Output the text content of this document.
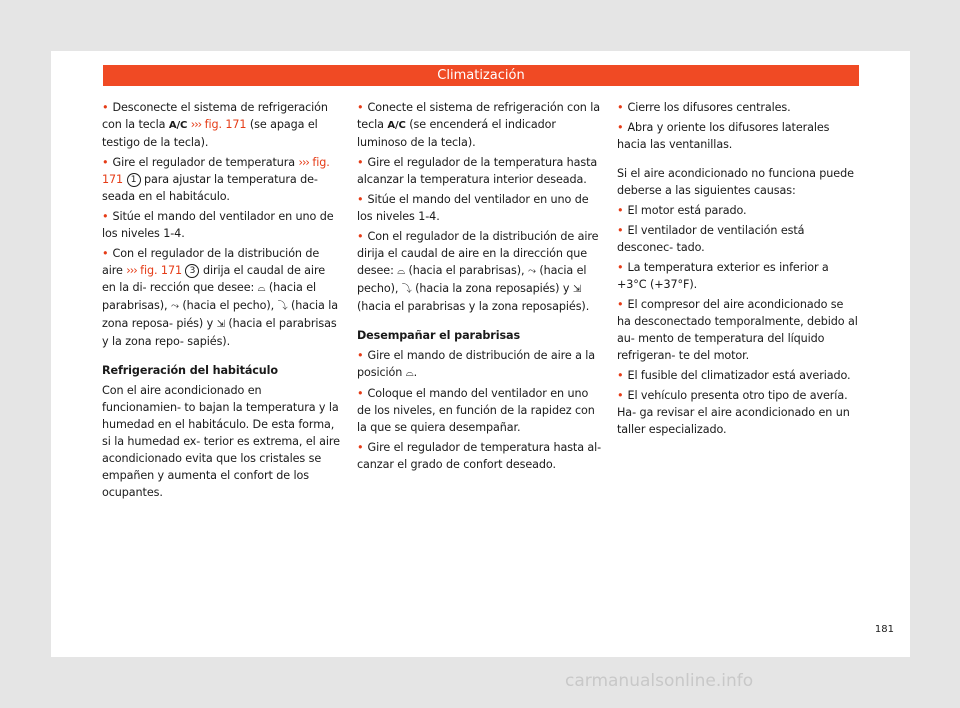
Climatización

• Desconecte el sistema de refrigeración con la tecla A/C ››› fig. 171 (se apaga el testigo de la tecla).

• Gire el regulador de temperatura ››› fig. 171 1 para ajustar la temperatura de- seada en el habitáculo.

• Sitúe el mando del ventilador en uno de los niveles 1-4.

• Con el regulador de la distribución de aire ››› fig. 171 3 dirija el caudal de aire en la di- rección que desee: ⌓ (hacia el parabrisas), ⤳ (hacia el pecho), ⤵ (hacia la zona reposa- piés) y ⇲ (hacia el parabrisas y la zona repo- sapiés).

Refrigeración del habitáculo

Con el aire acondicionado en funcionamien- to bajan la temperatura y la humedad en el habitáculo. De esta forma, si la humedad ex- terior es extrema, el aire acondicionado evita que los cristales se empañen y aumenta el confort de los ocupantes.

• Conecte el sistema de refrigeración con la tecla A/C (se encenderá el indicador luminoso de la tecla).

• Gire el regulador de la temperatura hasta alcanzar la temperatura interior deseada.

• Sitúe el mando del ventilador en uno de los niveles 1-4.

• Con el regulador de la distribución de aire dirija el caudal de aire en la dirección que desee: ⌓ (hacia el parabrisas), ⤳ (hacia el pecho), ⤵ (hacia la zona reposapiés) y ⇲ (hacia el parabrisas y la zona reposapiés).

Desempañar el parabrisas

• Gire el mando de distribución de aire a la posición ⌓.

• Coloque el mando del ventilador en uno de los niveles, en función de la rapidez con la que se quiera desempañar.

• Gire el regulador de temperatura hasta al- canzar el grado de confort deseado.

• Cierre los difusores centrales.

• Abra y oriente los difusores laterales hacia las ventanillas.

Si el aire acondicionado no funciona puede deberse a las siguientes causas:

• El motor está parado.

• El ventilador de ventilación está desconec- tado.

• La temperatura exterior es inferior a +3°C (+37°F).

• El compresor del aire acondicionado se ha desconectado temporalmente, debido al au- mento de temperatura del líquido refrigeran- te del motor.

• El fusible del climatizador está averiado.

• El vehículo presenta otro tipo de avería. Ha- ga revisar el aire acondicionado en un taller especializado.

181
carmanualsonline.info
